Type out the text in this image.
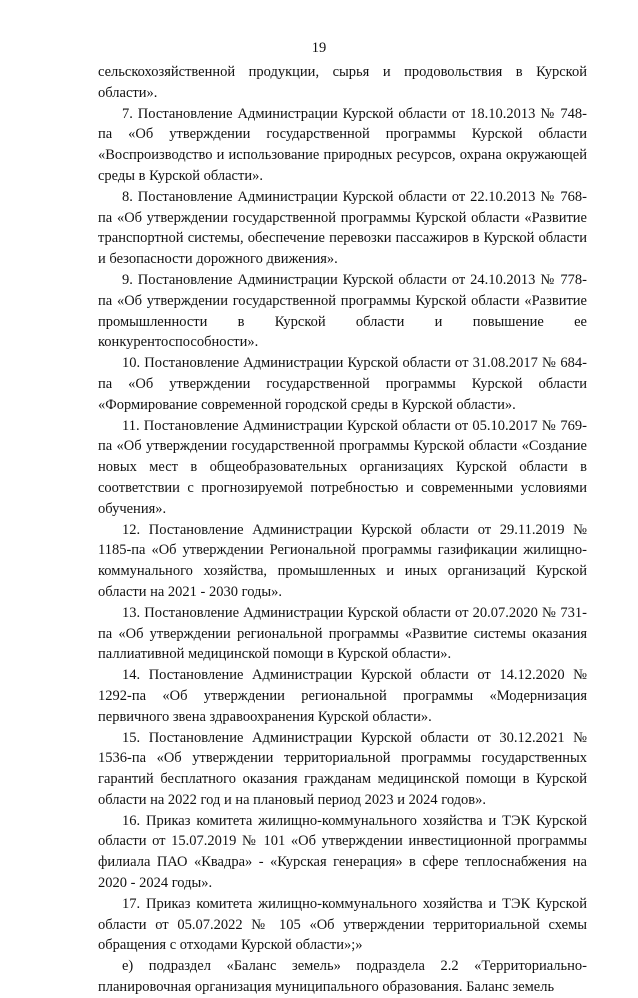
19

сельскохозяйственной продукции, сырья и продовольствия в Курской области».

7. Постановление Администрации Курской области от 18.10.2013 № 748-па «Об утверждении государственной программы Курской области «Воспроизводство и использование природных ресурсов, охрана окружающей среды в Курской области».

8. Постановление Администрации Курской области от 22.10.2013 № 768-па «Об утверждении государственной программы Курской области «Развитие транспортной системы, обеспечение перевозки пассажиров в Курской области и безопасности дорожного движения».

9. Постановление Администрации Курской области от 24.10.2013 № 778-па «Об утверждении государственной программы Курской области «Развитие промышленности в Курской области и повышение ее конкурентоспособности».

10. Постановление Администрации Курской области от 31.08.2017 № 684-па «Об утверждении государственной программы Курской области «Формирование современной городской среды в Курской области».

11. Постановление Администрации Курской области от 05.10.2017 № 769-па «Об утверждении государственной программы Курской области «Создание новых мест в общеобразовательных организациях Курской области в соответствии с прогнозируемой потребностью и современными условиями обучения».

12. Постановление Администрации Курской области от 29.11.2019 № 1185-па «Об утверждении Региональной программы газификации жилищно-коммунального хозяйства, промышленных и иных организаций Курской области на 2021 - 2030 годы».

13. Постановление Администрации Курской области от 20.07.2020 № 731-па «Об утверждении региональной программы «Развитие системы оказания паллиативной медицинской помощи в Курской области».

14. Постановление Администрации Курской области от 14.12.2020 № 1292-па «Об утверждении региональной программы «Модернизация первичного звена здравоохранения Курской области».

15. Постановление Администрации Курской области от 30.12.2021 № 1536-па «Об утверждении территориальной программы государственных гарантий бесплатного оказания гражданам медицинской помощи в Курской области на 2022 год и на плановый период 2023 и 2024 годов».

16. Приказ комитета жилищно-коммунального хозяйства и ТЭК Курской области от 15.07.2019 № 101 «Об утверждении инвестиционной программы филиала ПАО «Квадра» - «Курская генерация» в сфере теплоснабжения на 2020 - 2024 годы».

17. Приказ комитета жилищно-коммунального хозяйства и ТЭК Курской области от 05.07.2022 № 105 «Об утверждении территориальной схемы обращения с отходами Курской области»;»

е) подраздел «Баланс земель» подраздела 2.2 «Территориально-планировочная организация муниципального образования. Баланс земель
